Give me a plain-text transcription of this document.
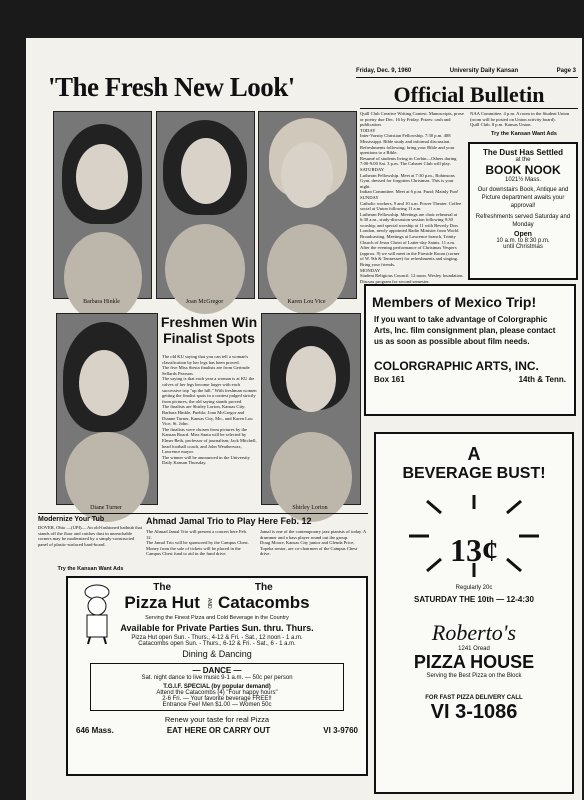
Friday, Dec. 9, 1960	University Daily Kansan	Page 3
'The Fresh New Look'
Barbara Hinkle	Joan McGregor	Karen Lou Vice
Diane Turner	Shirley Lorton
Freshmen Win Finalist Spots
The old KU saying that you can tell a woman's classification by her legs has been proved.
The five Miss Siesta finalists are from Gertrude Sellards Pearson.
The saying is that each year a woman is at KU the calves of her legs become larger with each successive trip "up the hill." With freshman women getting the finalist spots in a contest judged strictly from pictures, the old saying stands proved.
The finalists are Shirley Lorton, Kansas City; Barbara Hinkle, Pueblo; Joan McGregor and Dianne Turner, Kansas City, Mo., and Karen Lou Vice, St. John.
The finalists were chosen from pictures by the Kansan Board. Miss Santa will be selected by Elmer Beth, professor of journalism; Jack Mitchell, head football coach, and John Weatherwax, Lawrence mayor.
The winner will be announced in the University Daily Kansan Thursday.
Official Bulletin
Quill Club Creative Writing Contest. Manuscripts, prose or poetry due Dec. 16 by Friday. Prizes: cash and publication.
TODAY
Inter-Varsity Christian Fellowship. 7:30 p.m. 408 Mississippi. Bible study and informal discussion. Refreshments following; bring your Bible and your questions to a Bible.
Resumé of students living in Corbin—Others during 7:00-9:00 Sat. 3 p.m. The Cabaret Club will play.
SATURDAY
Lutheran Fellowship. Meet at 7:30 p.m., Robinsons Gym, dressed for forgotten Christmas. This is your night.
Indian Committee. Meet at 6 p.m. Fund; Mainly Fun!
SUNDAY
Catholic workers, 9 and 10 a.m. Power Theater. Coffee social at Union following 11 a.m.
Lutheran Fellowship. Meetings are choir rehearsal at 6:30 a.m., study-discussion session following 9:30 worship, and special worship at 11 with Beverly Don London, newly appointed Radio Minister from World Broadcasting. Meetings at Lawrence branch, Trinity Church of Jesus Christ of Latter-day Saints. 11 a.m. After the evening performance of Christmas Vespers (approx. 9) we will meet in the Fireside Room (corner of W. 9th & Tennessee) for refreshments and singing. Bring your friends.
MONDAY
Student Religious Council. 12 noon. Wesley foundation. Discuss program for second semester.
NAA Committee. 4 p.m. A room in the Student Union (room will be posted on Union activity board).
Quill Club. 8 p.m. Kansas Union.
Try the Kansan Want Ads
The Dust Has Settled
at the
BOOK NOOK
1021½ Mass.
Our downstairs Book, Antique and Picture department awaits your approval!
Refreshments served Saturday and Monday
Open
10 a.m. to 8:30 p.m.
until Christmas
Members of Mexico Trip!
If you want to take advantage of Colorgraphic Arts, Inc. film consignment plan, please contact us as soon as possible about film needs.
COLORGRAPHIC ARTS, INC.
Box 161	14th & Tenn.
A
BEVERAGE BUST!
13¢
Regularly 20c
SATURDAY THE 10th — 12-4:30
Roberto's
1241 Oread
PIZZA HOUSE
Serving the Best Pizza on the Block
FOR FAST PIZZA DELIVERY CALL
VI 3-1086
Modernize Your Tub
DOVER, Ohio —(UPI)— An old-fashioned bathtub that stands off the floor and catches dust in unreachable corners may be modernized by a simply-constructed panel of plastic-surfaced hard-board.
Try the Kansan Want Ads
Ahmad Jamal Trio to Play Here Feb. 12
The Ahmad Jamal Trio will present a concert here Feb. 12.
The Jamal Trio will be sponsored by the Campus Chest. Money from the sale of tickets will be placed in the Campus Chest fund to aid in the fund drive.
Jamal is one of the contemporary jazz pianists of today. A drummer and a bass player round out the group.
Doug Moore, Kansas City junior and Glenda Price, Topeka senior, are co-chairmen of the Campus Chest drive.
The
Pizza Hut AND
The
Catacombs
Serving the Finest Pizza and Cold Beverage in the Country
Available for Private Parties Sun. thru. Thurs.
Pizza Hut open Sun. - Thurs., 4-12 & Fri. - Sat., 12 noon - 1 a.m.
Catacombs open Sun. - Thurs., 6-12 & Fri. - Sat., 6 - 1 a.m.
Dining & Dancing
— DANCE —
Sat. night dance to live music 9-1 a.m. — 50c per person
T.G.I.F. SPECIAL (by popular demand)
Attend the Catacombs (4) "Four happy hours"
2-6 Fri. — Your favorite beverage FREE!!
Entrance Fee! Men $1.00 — Women 50c
Renew your taste for real Pizza
646 Mass.	EAT HERE OR CARRY OUT	VI 3-9760
